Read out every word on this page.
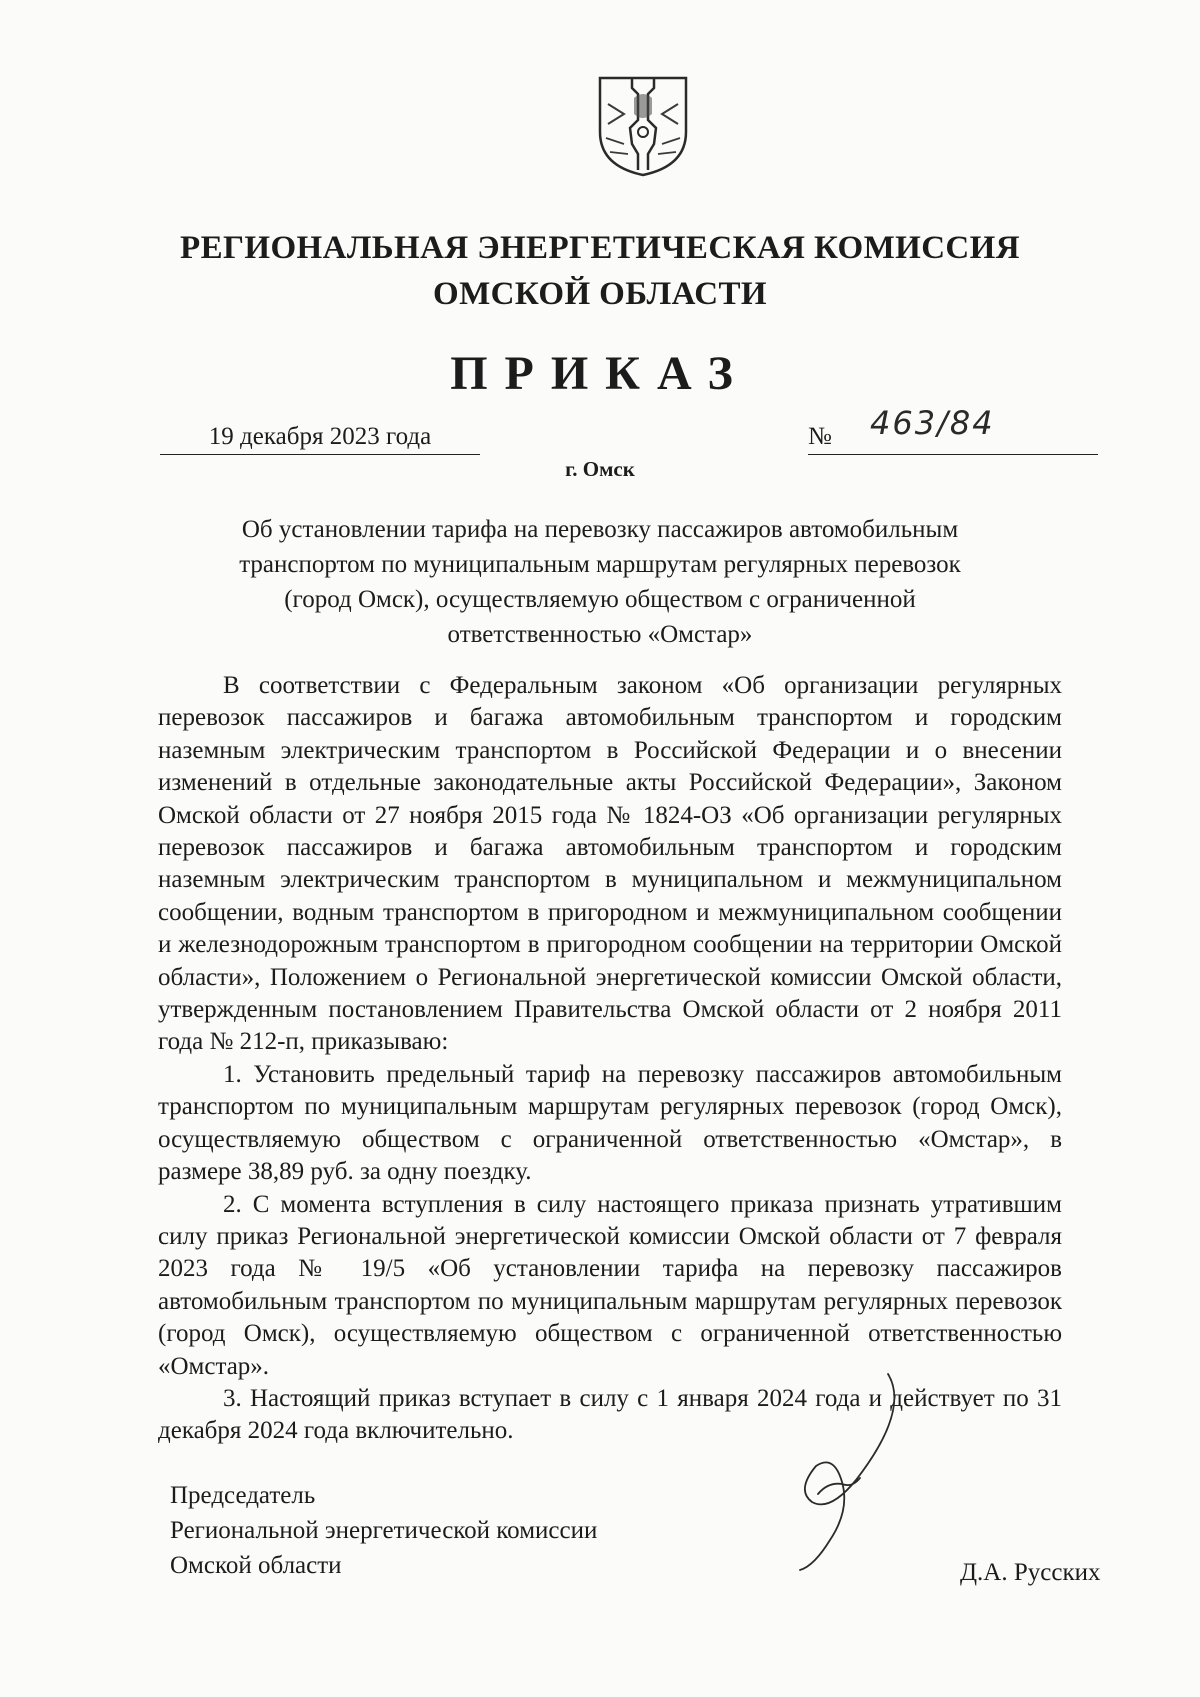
РЕГИОНАЛЬНАЯ ЭНЕРГЕТИЧЕСКАЯ КОМИССИЯ
ОМСКОЙ ОБЛАСТИ
ПРИКАЗ
19 декабря 2023 года	№	463/84
г. Омск
Об установлении тарифа на перевозку пассажиров автомобильным
транспортом по муниципальным маршрутам регулярных перевозок
(город Омск), осуществляемую обществом с ограниченной
ответственностью «Омстар»

В соответствии с Федеральным законом «Об организации регулярных перевозок пассажиров и багажа автомобильным транспортом и городским наземным электрическим транспортом в Российской Федерации и о внесении изменений в отдельные законодательные акты Российской Федерации», Законом Омской области от 27 ноября 2015 года № 1824-ОЗ «Об организации регулярных перевозок пассажиров и багажа автомобильным транспортом и городским наземным электрическим транспортом в муниципальном и межмуниципальном сообщении, водным транспортом в пригородном и межмуниципальном сообщении и железнодорожным транспортом в пригородном сообщении на территории Омской области», Положением о Региональной энергетической комиссии Омской области, утвержденным постановлением Правительства Омской области от 2 ноября 2011 года № 212-п, приказываю:

1. Установить предельный тариф на перевозку пассажиров автомобильным транспортом по муниципальным маршрутам регулярных перевозок (город Омск), осуществляемую обществом с ограниченной ответственностью «Омстар», в размере 38,89 руб. за одну поездку.

2. С момента вступления в силу настоящего приказа признать утратившим силу приказ Региональной энергетической комиссии Омской области от 7 февраля 2023 года № 19/5 «Об установлении тарифа на перевозку пассажиров автомобильным транспортом по муниципальным маршрутам регулярных перевозок (город Омск), осуществляемую обществом с ограниченной ответственностью «Омстар».

3. Настоящий приказ вступает в силу с 1 января 2024 года и действует по 31 декабря 2024 года включительно.

Председатель
Региональной энергетической комиссии
Омской области	Д.А. Русских
